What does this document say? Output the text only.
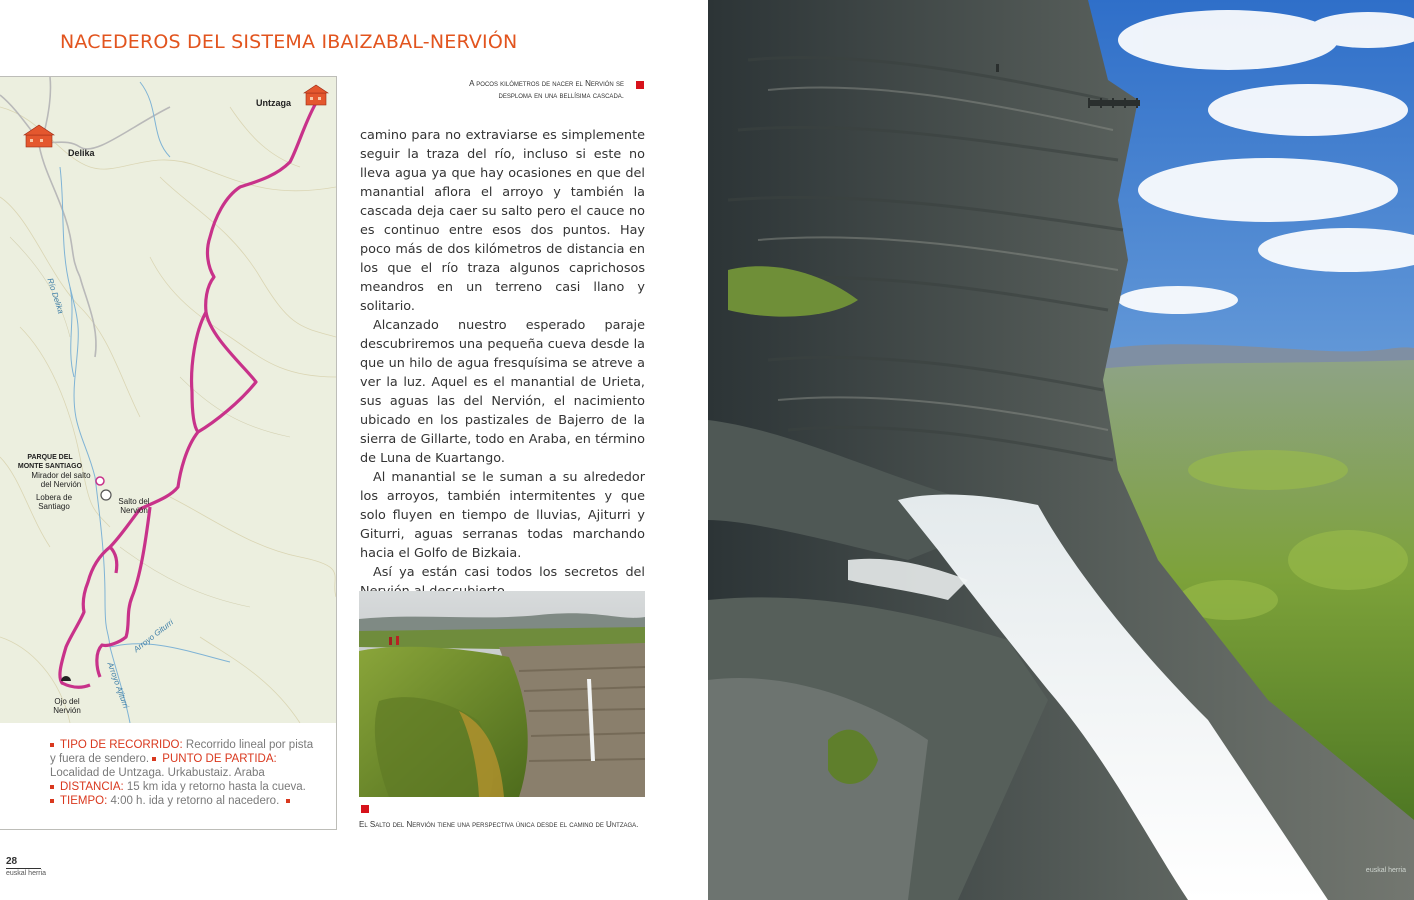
NACEDEROS DEL SISTEMA IBAIZABAL-NERVIÓN
Untzaga
Delika
PARQUE DEL MONTE SANTIAGO
Mirador del salto del Nervión
Lobera de Santiago
Salto del Nervión
Ojo del Nervión
Río Delika
Arroyo Giturri
Arroyo Ajiturri
TIPO DE RECORRIDO: Recorrido lineal por pista y fuera de sendero. PUNTO DE PARTIDA: Localidad de Untzaga. Urkabustaiz. Araba
DISTANCIA: 15 km ida y retorno hasta la cueva.
TIEMPO: 4:00 h. ida y retorno al nacedero.
A pocos kilómetros de nacer el Nervión se
desploma en una bellísima cascada.

camino para no extraviarse es simplemente seguir la traza del río, incluso si este no lleva agua ya que hay ocasiones en que del manantial aflora el arroyo y también la cascada deja caer su salto pero el cauce no es continuo entre esos dos puntos. Hay poco más de dos kilómetros de distancia en los que el río traza algunos caprichosos meandros en un terreno casi llano y solitario.

Alcanzado nuestro esperado paraje descubriremos una pequeña cueva desde la que un hilo de agua fresquísima se atreve a ver la luz. Aquel es el manantial de Urieta, sus aguas las del Nervión, el nacimiento ubicado en los pastizales de Bajerro de la sierra de Gillarte, todo en Araba, en término de Luna de Kuartango.

Al manantial se le suman a su alrededor los arroyos, también intermitentes y que solo fluyen en tiempo de lluvias, Ajiturri y Giturri, aguas serranas todas marchando hacia el Golfo de Bizkaia.

Así ya están casi todos los secretos del

El Salto del Nervión tiene una perspectiva única desde el camino de Untzaga.
28
euskal herria	euskal herria
